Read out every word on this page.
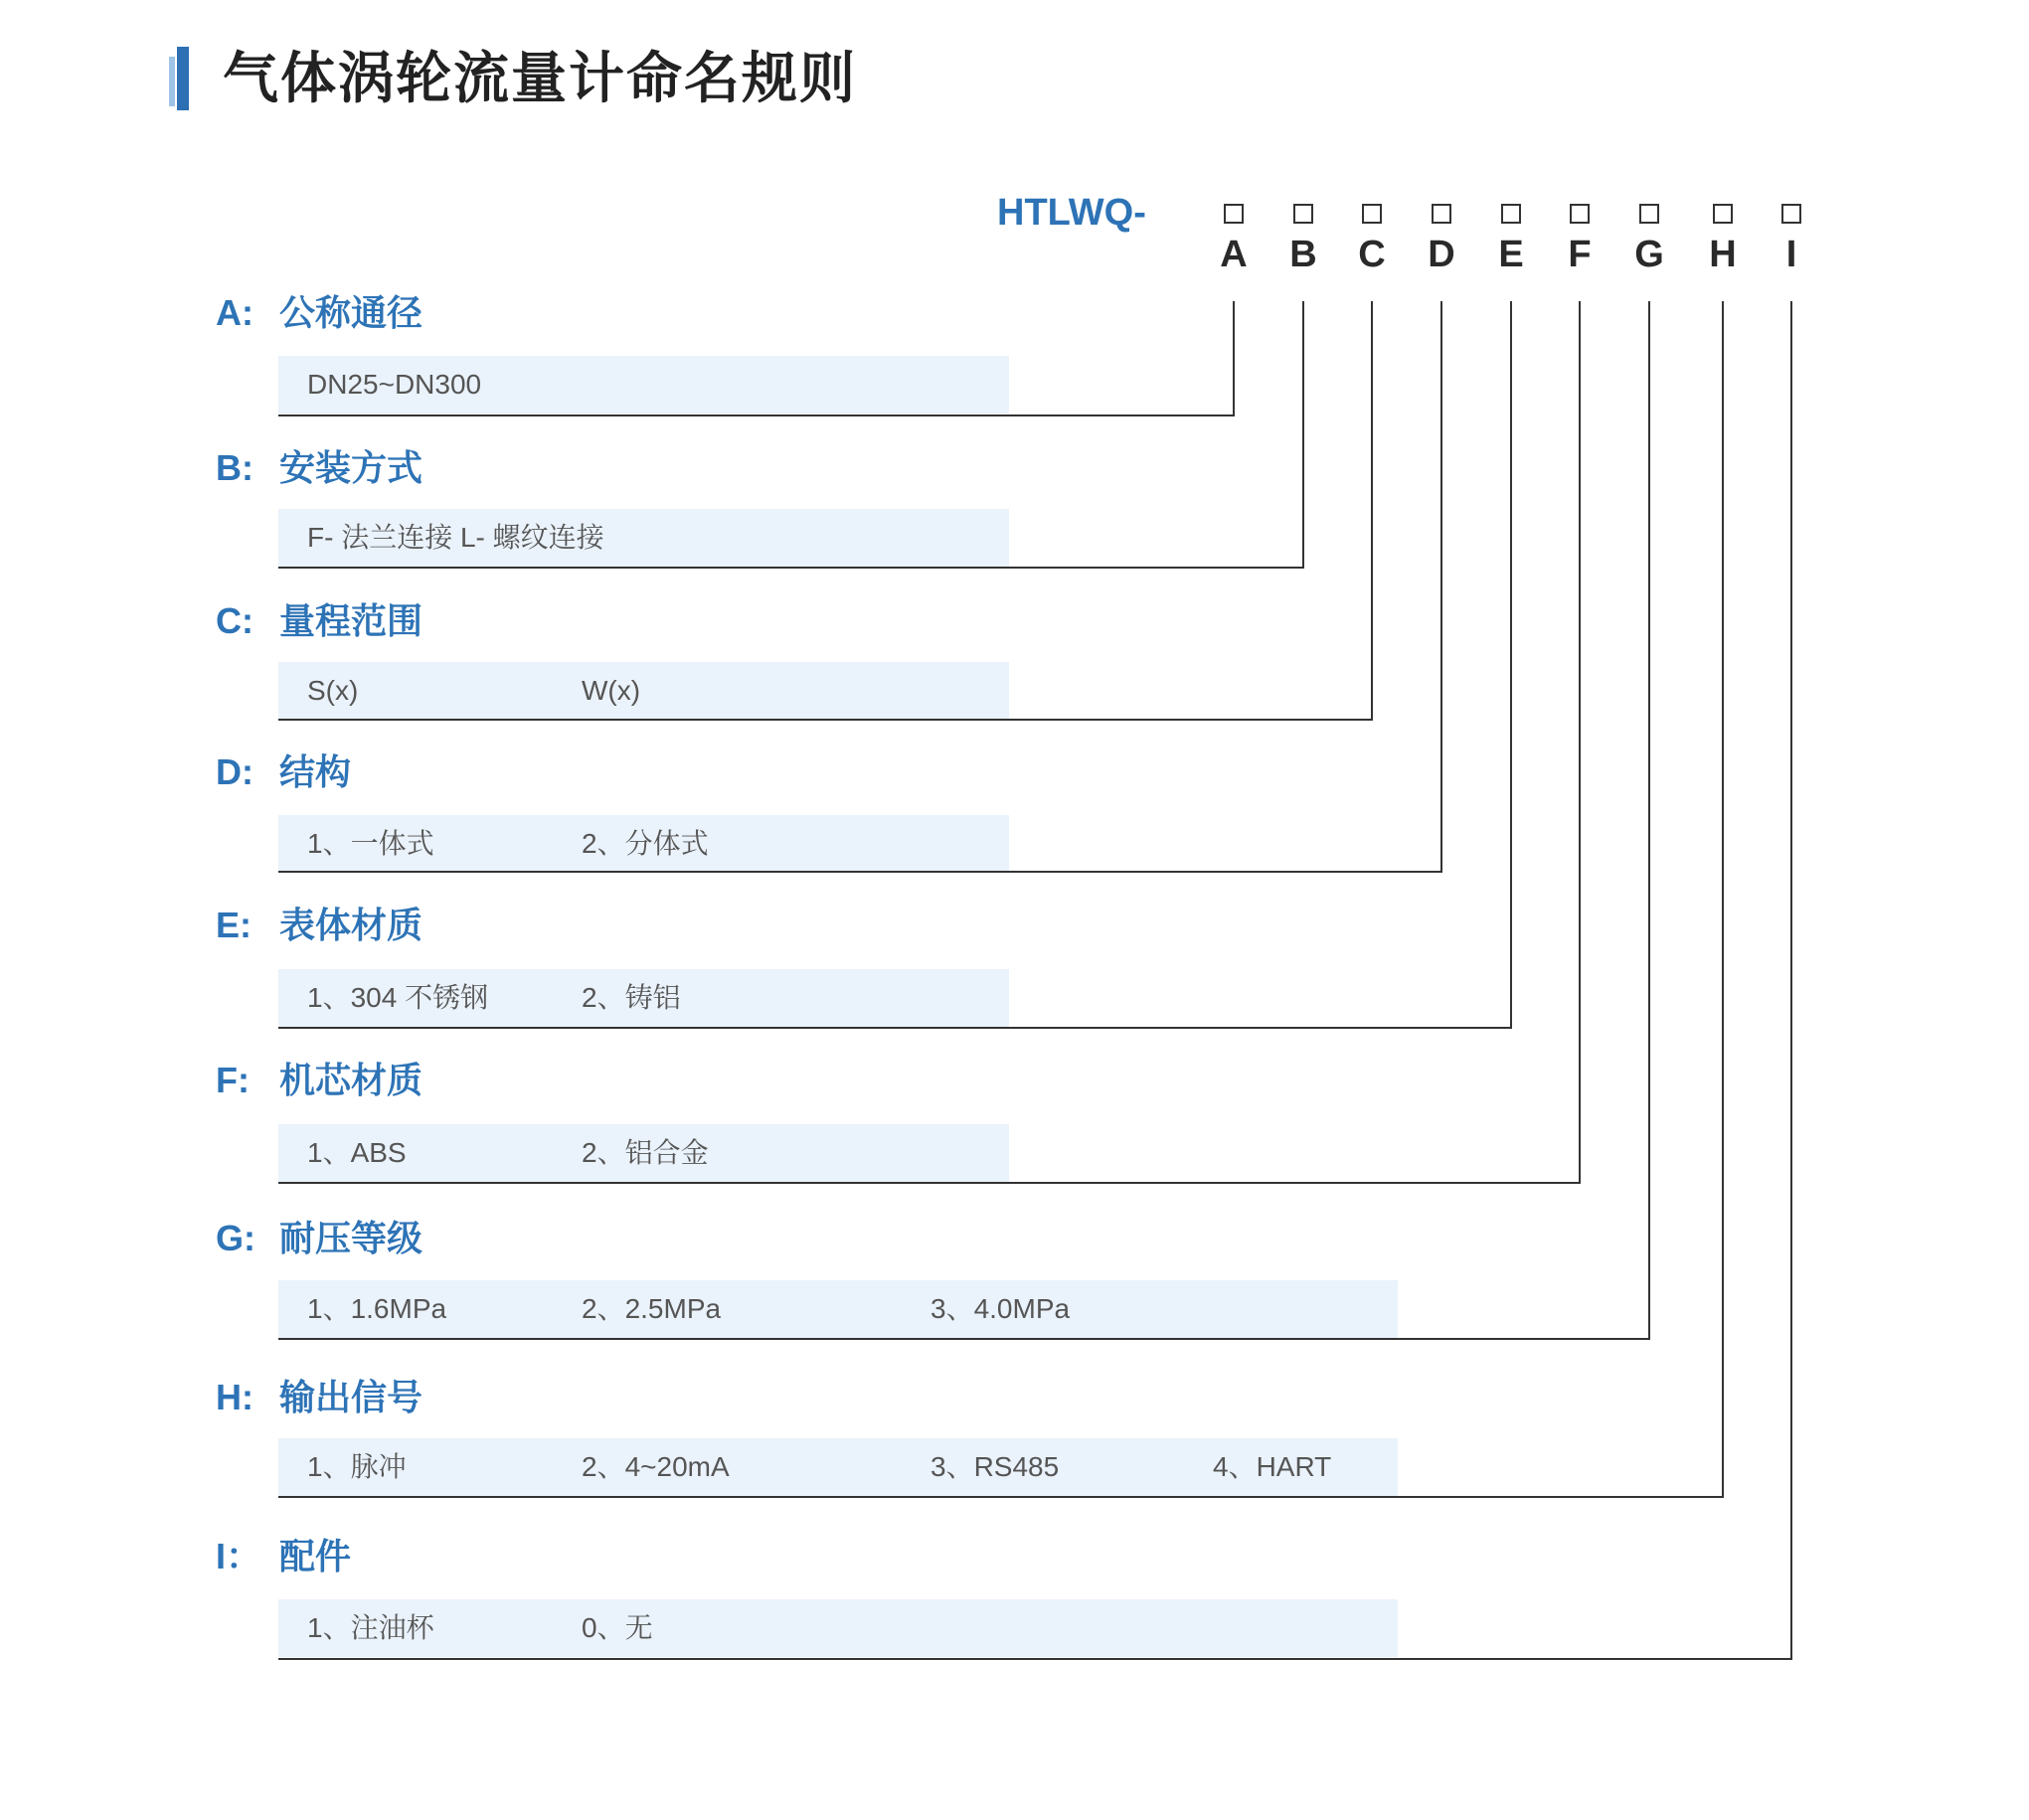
气体涡轮流量计命名规则
HTLWQ-
A B C D E F G H	I
A: 公称通径
DN25~DN300
B: 安装方式
F- 法兰连接 L- 螺纹连接
C: 量程范围
S(x)	W(x)
D: 结构
1、一体式	2、分体式
E: 表体材质
1、304 不锈钢	2、铸铝
F: 机芯材质
1、ABS	2、铝合金
G: 耐压等级
1、1.6MPa	2、2.5MPa	3、4.0MPa
H: 输出信号
1、脉冲	2、4~20mA	3、RS485	4、HART
I： 配件
1、注油杯	0、无
